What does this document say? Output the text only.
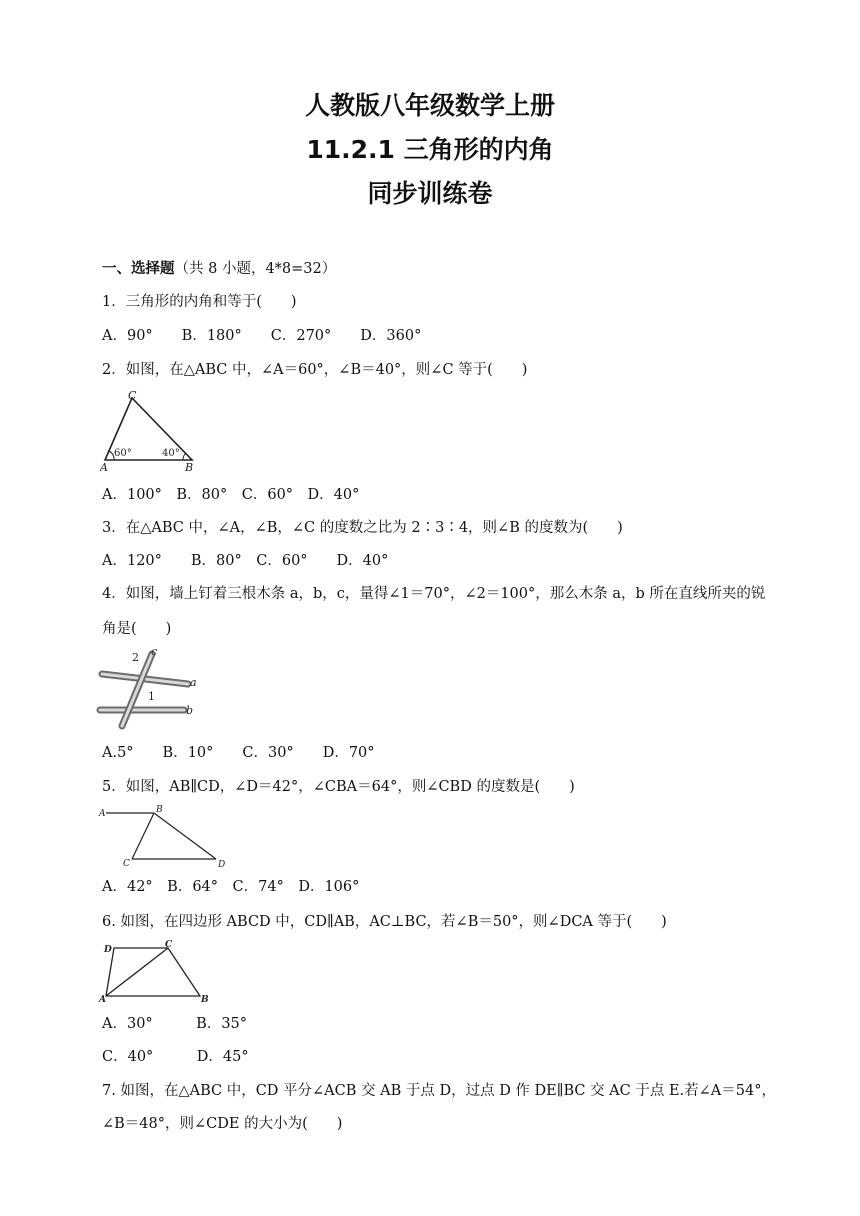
人教版八年级数学上册
11.2.1 三角形的内角
同步训练卷
一、选择题（共 8 小题，4*8=32）
1．三角形的内角和等于(　　)
A．90°　　B．180°　　C．270°　　D．360°
2．如图，在△ABC 中，∠A＝60°，∠B＝40°，则∠C 等于(　　)
A	B
C
60°	40°
A．100°　B．80°　C．60°　D．40°
3．在△ABC 中，∠A，∠B，∠C 的度数之比为 2∶3∶4，则∠B 的度数为(　　)
A．120°　　B．80°　C．60°　　D．40°
4．如图，墙上钉着三根木条 a，b，c，量得∠1＝70°，∠2＝100°，那么木条 a，b 所在直线所夹的锐
角是(　　)
2
1
c
a
b
A.5°　　B．10°　　C．30°　　D．70°
5．如图，AB∥CD，∠D＝42°，∠CBA＝64°，则∠CBD 的度数是(　　)
A	B
C	D
A．42°　B．64°　C．74°　D．106°
6. 如图，在四边形 ABCD 中，CD∥AB，AC⊥BC，若∠B＝50°，则∠DCA 等于(　　)
D	C
A	B
A．30°　　　B．35°
C．40°　　　D．45°
7. 如图，在△ABC 中，CD 平分∠ACB 交 AB 于点 D，过点 D 作 DE∥BC 交 AC 于点 E.若∠A＝54°，
∠B＝48°，则∠CDE 的大小为(　　)
